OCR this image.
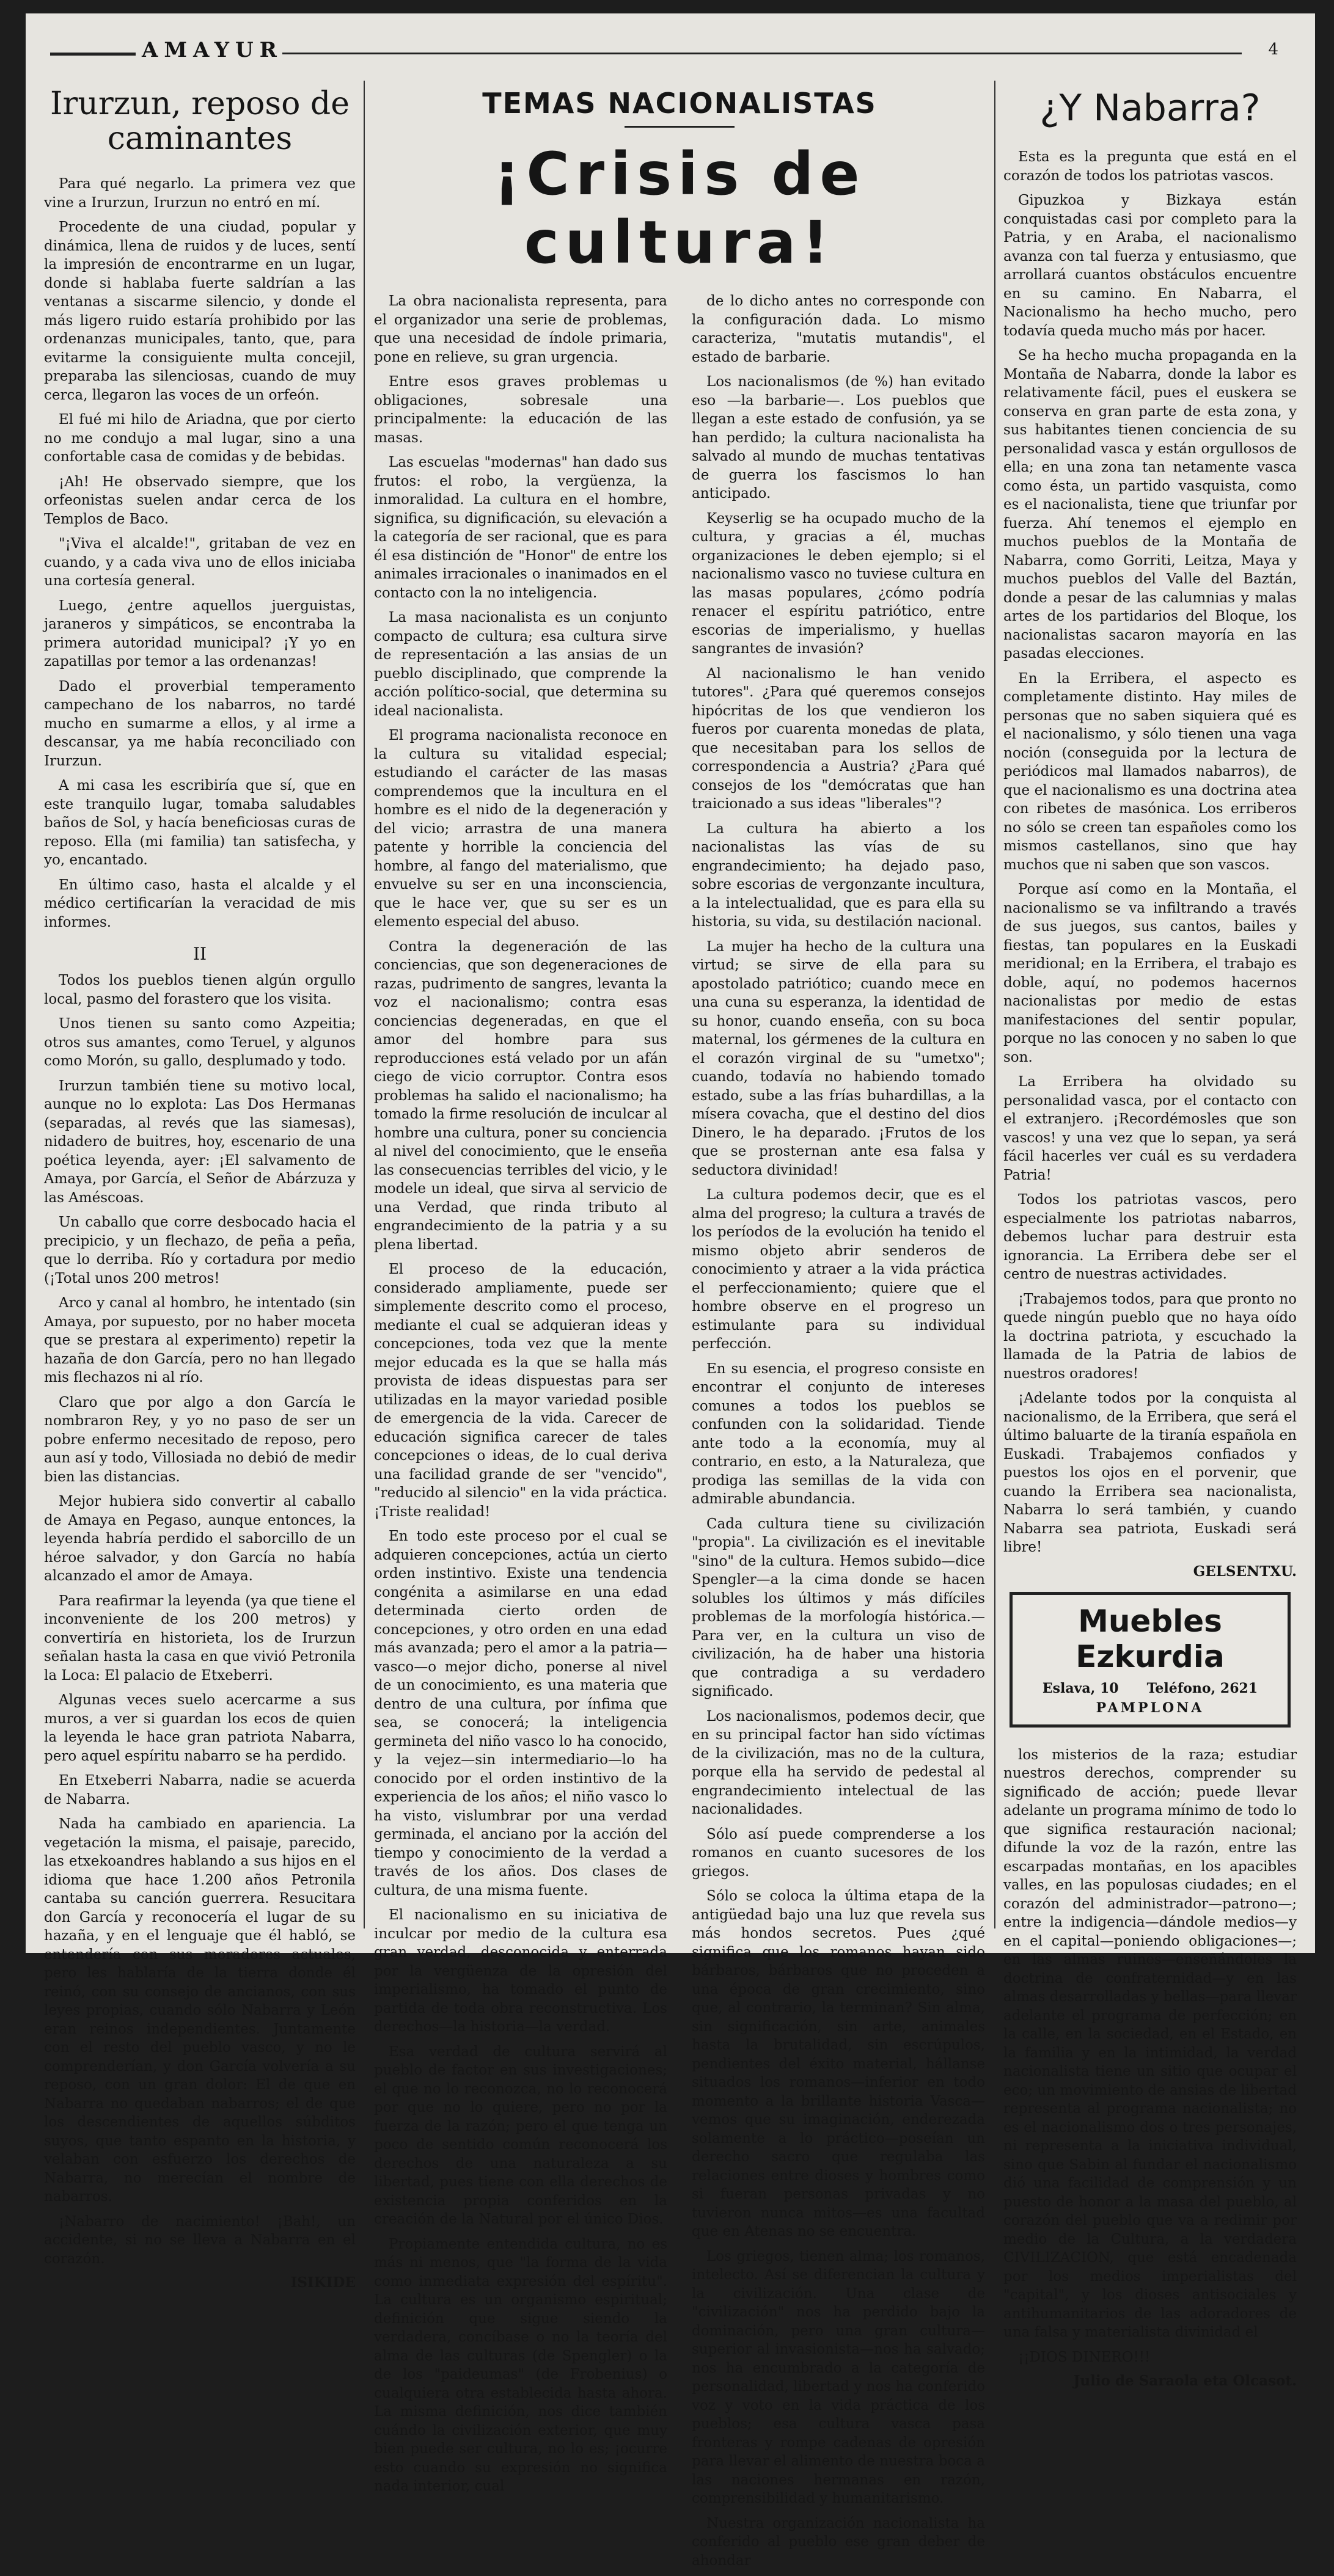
AMAYUR	4
Irurzun, reposo de caminantes

Para qué negarlo. La primera vez que vine a Irurzun, Irurzun no entró en mí.

Procedente de una ciudad, popular y dinámica, llena de ruidos y de luces, sentí la impresión de encontrarme en un lugar, donde si hablaba fuerte saldrían a las ventanas a siscarme silencio, y donde el más ligero ruido estaría prohibido por las ordenanzas municipales, tanto, que, para evitarme la consiguiente multa concejil, preparaba las silenciosas, cuando de muy cerca, llegaron las voces de un orfeón.

El fué mi hilo de Ariadna, que por cierto no me condujo a mal lugar, sino a una confortable casa de comidas y de bebidas.

¡Ah! He observado siempre, que los orfeonistas suelen andar cerca de los Templos de Baco.

"¡Viva el alcalde!", gritaban de vez en cuando, y a cada viva uno de ellos iniciaba una cortesía general.

Luego, ¿entre aquellos juerguistas, jaraneros y simpáticos, se encontraba la primera autoridad municipal? ¡Y yo en zapatillas por temor a las ordenanzas!

Dado el proverbial temperamento campechano de los nabarros, no tardé mucho en sumarme a ellos, y al irme a descansar, ya me había reconciliado con Irurzun.

A mi casa les escribiría que sí, que en este tranquilo lugar, tomaba saludables baños de Sol, y hacía beneficiosas curas de reposo. Ella (mi familia) tan satisfecha, y yo, encantado.

En último caso, hasta el alcalde y el médico certificarían la veracidad de mis informes.

II

Todos los pueblos tienen algún orgullo local, pasmo del forastero que los visita.

Unos tienen su santo como Azpeitia; otros sus amantes, como Teruel, y algunos como Morón, su gallo, desplumado y todo.

Irurzun también tiene su motivo local, aunque no lo explota: Las Dos Hermanas (separadas, al revés que las siamesas), nidadero de buitres, hoy, escenario de una poética leyenda, ayer: ¡El salvamento de Amaya, por García, el Señor de Abárzuza y las Améscoas.

Un caballo que corre desbocado hacia el precipicio, y un flechazo, de peña a peña, que lo derriba. Río y cortadura por medio (¡Total unos 200 metros!

Arco y canal al hombro, he intentado (sin Amaya, por supuesto, por no haber moceta que se prestara al experimento) repetir la hazaña de don García, pero no han llegado mis flechazos ni al río.

Claro que por algo a don García le nombraron Rey, y yo no paso de ser un pobre enfermo necesitado de reposo, pero aun así y todo, Villosiada no debió de medir bien las distancias.

Mejor hubiera sido convertir al caballo de Amaya en Pegaso, aunque entonces, la leyenda habría perdido el saborcillo de un héroe salvador, y don García no había alcanzado el amor de Amaya.

Para reafirmar la leyenda (ya que tiene el inconveniente de los 200 metros) y convertiría en historieta, los de Irurzun señalan hasta la casa en que vivió Petronila la Loca: El palacio de Etxeberri.

Algunas veces suelo acercarme a sus muros, a ver si guardan los ecos de quien la leyenda le hace gran patriota Nabarra, pero aquel espíritu nabarro se ha perdido.

En Etxeberri Nabarra, nadie se acuerda de Nabarra.

Nada ha cambiado en apariencia. La vegetación la misma, el paisaje, parecido, las etxekoandres hablando a sus hijos en el idioma que hace 1.200 años Petronila cantaba su canción guerrera. Resucitara don García y reconocería el lugar de su hazaña, y en el lenguaje que él habló, se entendería con sus moradores actuales, pero les hablaría de la tierra donde él reinó, con su consejo de ancianos, con sus leyes propias, cuando sólo Nabarra y León eran reinos independientes. Juntamente con el resto del pueblo vasco, y no le comprenderían, y don García volvería a su reposo, con un gran dolor: El de que en Nabarra no quedaban nabarros; el de que los descendientes de aquellos súbditos suyos, que tanto espanto en la historia, y velaban con esfuerzo los derechos de Nabarra, no merecían el nombre de nabarros.

¡Nabarro de nacimiento! ¡Bah!, un accidente, si no se lleva a Nabarra en el corazón.

ISIKIDE
TEMAS NACIONALISTAS
¡Crisis de cultura!

La obra nacionalista representa, para el organizador una serie de problemas, que una necesidad de índole primaria, pone en relieve, su gran urgencia.

Entre esos graves problemas u obligaciones, sobresale una principalmente: la educación de las masas.

Las escuelas "modernas" han dado sus frutos: el robo, la vergüenza, la inmoralidad. La cultura en el hombre, significa, su dignificación, su elevación a la categoría de ser racional, que es para él esa distinción de "Honor" de entre los animales irracionales o inanimados en el contacto con la no inteligencia.

La masa nacionalista es un conjunto compacto de cultura; esa cultura sirve de representación a las ansias de un pueblo disciplinado, que comprende la acción político-social, que determina su ideal nacionalista.

El programa nacionalista reconoce en la cultura su vitalidad especial; estudiando el carácter de las masas comprendemos que la incultura en el hombre es el nido de la degeneración y del vicio; arrastra de una manera patente y horrible la conciencia del hombre, al fango del materialismo, que envuelve su ser en una inconsciencia, que le hace ver, que su ser es un elemento especial del abuso.

Contra la degeneración de las conciencias, que son degeneraciones de razas, pudrimento de sangres, levanta la voz el nacionalismo; contra esas conciencias degeneradas, en que el amor del hombre para sus reproducciones está velado por un afán ciego de vicio corruptor. Contra esos problemas ha salido el nacionalismo; ha tomado la firme resolución de inculcar al hombre una cultura, poner su conciencia al nivel del conocimiento, que le enseña las consecuencias terribles del vicio, y le modele un ideal, que sirva al servicio de una Verdad, que rinda tributo al engrandecimiento de la patria y a su plena libertad.

El proceso de la educación, considerado ampliamente, puede ser simplemente descrito como el proceso, mediante el cual se adquieran ideas y concepciones, toda vez que la mente mejor educada es la que se halla más provista de ideas dispuestas para ser utilizadas en la mayor variedad posible de emergencia de la vida. Carecer de educación significa carecer de tales concepciones o ideas, de lo cual deriva una facilidad grande de ser "vencido", "reducido al silencio" en la vida práctica. ¡Triste realidad!

En todo este proceso por el cual se adquieren concepciones, actúa un cierto orden instintivo. Existe una tendencia congénita a asimilarse en una edad determinada cierto orden de concepciones, y otro orden en una edad más avanzada; pero el amor a la patria—vasco—o mejor dicho, ponerse al nivel de un conocimiento, es una materia que dentro de una cultura, por ínfima que sea, se conocerá; la inteligencia germineta del niño vasco lo ha conocido, y la vejez—sin intermediario—lo ha conocido por el orden instintivo de la experiencia de los años; el niño vasco lo ha visto, vislumbrar por una verdad germinada, el anciano por la acción del tiempo y conocimiento de la verdad a través de los años. Dos clases de cultura, de una misma fuente.

El nacionalismo en su iniciativa de inculcar por medio de la cultura esa gran verdad, desconocida y enterrada por la vergüenza de la opresión del imperialismo, ha tomado el punto de partida de toda obra reconstructiva. Los derechos—la historia—la verdad.

Esa verdad de cultura servirá al pueblo de factor en sus investigaciones; el que no lo reconozca, no lo reconocerá por que no lo quiere, pero no por la fuerza de la razón; pero el que tenga un poco de sentido común reconocerá los derechos de una naturaleza a su libertad, pues tiene con ella derechos de existencia propia conferidos en la creación de la Natural por el único Dios.

Propiamente entendida cultura, no es más ni menos, que "la forma de la vida como inmediata expresión del espíritu". La cultura es un organismo espiritual; definición que sigue siendo la verdadera, concíbase o no la teoría del alma de las culturas (de Spengler) o la de los "paideumas" (de Frobenius) o cualquiera otra establecida hasta ahora. La misma definición, nos dice también cuándo la civilización exterior, que muy bien puede ser cultura, no lo es; ¡ocurre esto cuando su expresión no significa nada interior, cual

de lo dicho antes no corresponde con la configuración dada. Lo mismo caracteriza, "mutatis mutandis", el estado de barbarie.

Los nacionalismos (de %) han evitado eso —la barbarie—. Los pueblos que llegan a este estado de confusión, ya se han perdido; la cultura nacionalista ha salvado al mundo de muchas tentativas de guerra los fascismos lo han anticipado.

Keyserlig se ha ocupado mucho de la cultura, y gracias a él, muchas organizaciones le deben ejemplo; si el nacionalismo vasco no tuviese cultura en las masas populares, ¿cómo podría renacer el espíritu patriótico, entre escorias de imperialismo, y huellas sangrantes de invasión?

Al nacionalismo le han venido tutores". ¿Para qué queremos consejos hipócritas de los que vendieron los fueros por cuarenta monedas de plata, que necesitaban para los sellos de correspondencia a Austria? ¿Para qué consejos de los "demócratas que han traicionado a sus ideas "liberales"?

La cultura ha abierto a los nacionalistas las vías de su engrandecimiento; ha dejado paso, sobre escorias de vergonzante incultura, a la intelectualidad, que es para ella su historia, su vida, su destilación nacional.

La mujer ha hecho de la cultura una virtud; se sirve de ella para su apostolado patriótico; cuando mece en una cuna su esperanza, la identidad de su honor, cuando enseña, con su boca maternal, los gérmenes de la cultura en el corazón virginal de su "umetxo"; cuando, todavía no habiendo tomado estado, sube a las frías buhardillas, a la mísera covacha, que el destino del dios Dinero, le ha deparado. ¡Frutos de los que se prosternan ante esa falsa y seductora divinidad!

La cultura podemos decir, que es el alma del progreso; la cultura a través de los períodos de la evolución ha tenido el mismo objeto abrir senderos de conocimiento y atraer a la vida práctica el perfeccionamiento; quiere que el hombre observe en el progreso un estimulante para su individual perfección.

En su esencia, el progreso consiste en encontrar el conjunto de intereses comunes a todos los pueblos se confunden con la solidaridad. Tiende ante todo a la economía, muy al contrario, en esto, a la Naturaleza, que prodiga las semillas de la vida con admirable abundancia.

Cada cultura tiene su civilización "propia". La civilización es el inevitable "sino" de la cultura. Hemos subido—dice Spengler—a la cima donde se hacen solubles los últimos y más difíciles problemas de la morfología histórica.—Para ver, en la cultura un viso de civilización, ha de haber una historia que contradiga a su verdadero significado.

Los nacionalismos, podemos decir, que en su principal factor han sido víctimas de la civilización, mas no de la cultura, porque ella ha servido de pedestal al engrandecimiento intelectual de las nacionalidades.

Sólo así puede comprenderse a los romanos en cuanto sucesores de los griegos.

Sólo se coloca la última etapa de la antigüedad bajo una luz que revela sus más hondos secretos. Pues ¿qué significa que los romanos hayan sido bárbaros, bárbaros que no proceden a una época de gran crecimiento, sino que, al contrario, la terminan? Sin alma, sin significación, sin arte, animales hasta la brutalidad, sin escrúpulos, pendientes del éxito material, hállanse situados los romanos—inferior en todo momento a la brillante historia Vasca—vemos que su imaginación, enderezada solamente a lo práctico—poseían un derecho sacro que regulaba las relaciones entre dioses y hombres como si fueran personas privadas y no tuvieron nunca mitos—es una facultad que en Atenas no se encuentra.

Los griegos, tienen alma; los romanos, intelecto. Así se diferencian la cultura y la civilización. Una clase de "civilización" nos ha perdido bajo la dominación, pero una gran cultura—superior al invasionista—nos ha salvado; nos ha encumbrado a la categoría de personalidad, libertad y nos ha conferido voz y voto en la vida práctica de los pueblos; esa cultura vasca pasa fronteras y rompe cadenas de opresión para llevar el alimento de nuestra boca a las naciones hermanas en razón, comprensibilidad y humanitarismo.

Nuestra organización nacionalista ha conferido al pueblo ese gran deber de ahondar

¿Y Nabarra?

Esta es la pregunta que está en el corazón de todos los patriotas vascos.

Gipuzkoa y Bizkaya están conquistadas casi por completo para la Patria, y en Araba, el nacionalismo avanza con tal fuerza y entusiasmo, que arrollará cuantos obstáculos encuentre en su camino. En Nabarra, el Nacionalismo ha hecho mucho, pero todavía queda mucho más por hacer.

Se ha hecho mucha propaganda en la Montaña de Nabarra, donde la labor es relativamente fácil, pues el euskera se conserva en gran parte de esta zona, y sus habitantes tienen conciencia de su personalidad vasca y están orgullosos de ella; en una zona tan netamente vasca como ésta, un partido vasquista, como es el nacionalista, tiene que triunfar por fuerza. Ahí tenemos el ejemplo en muchos pueblos de la Montaña de Nabarra, como Gorriti, Leitza, Maya y muchos pueblos del Valle del Baztán, donde a pesar de las calumnias y malas artes de los partidarios del Bloque, los nacionalistas sacaron mayoría en las pasadas elecciones.

En la Erribera, el aspecto es completamente distinto. Hay miles de personas que no saben siquiera qué es el nacionalismo, y sólo tienen una vaga noción (conseguida por la lectura de periódicos mal llamados nabarros), de que el nacionalismo es una doctrina atea con ribetes de masónica. Los erriberos no sólo se creen tan españoles como los mismos castellanos, sino que hay muchos que ni saben que son vascos.

Porque así como en la Montaña, el nacionalismo se va infiltrando a través de sus juegos, sus cantos, bailes y fiestas, tan populares en la Euskadi meridional; en la Erribera, el trabajo es doble, aquí, no podemos hacernos nacionalistas por medio de estas manifestaciones del sentir popular, porque no las conocen y no saben lo que son.

La Erribera ha olvidado su personalidad vasca, por el contacto con el extranjero. ¡Recordémosles que son vascos! y una vez que lo sepan, ya será fácil hacerles ver cuál es su verdadera Patria!

Todos los patriotas vascos, pero especialmente los patriotas nabarros, debemos luchar para destruir esta ignorancia. La Erribera debe ser el centro de nuestras actividades.

¡Trabajemos todos, para que pronto no quede ningún pueblo que no haya oído la doctrina patriota, y escuchado la llamada de la Patria de labios de nuestros oradores!

¡Adelante todos por la conquista al nacionalismo, de la Erribera, que será el último baluarte de la tiranía española en Euskadi. Trabajemos confiados y puestos los ojos en el porvenir, que cuando la Erribera sea nacionalista, Nabarra lo será también, y cuando Nabarra sea patriota, Euskadi será libre!

GELSENTXU.
Muebles Ezkurdia
Eslava, 10 Teléfono, 2621
PAMPLONA

los misterios de la raza; estudiar nuestros derechos, comprender su significado de acción; puede llevar adelante un programa mínimo de todo lo que significa restauración nacional; difunde la voz de la razón, entre las escarpadas montañas, en los apacibles valles, en las populosas ciudades; en el corazón del administrador—patrono—; entre la indigencia—dándole medios—y en el capital—poniendo obligaciones—; en las almas ruines—enseñándoles la doctrina de confraternidad—y en las almas desarrolladas y bellas—para llevar adelante el programa de perfección; en la calle, en la sociedad, en el Estado, en la familia y en la intimidad, la verdad nacionalista tiene un sitio que ocupar el eco; un movimiento de ansias de libertad representa al programa nacionalista; no es el nacionalismo dos o tres personajes, ni representa a la iniciativa individual, sino que Sabin al fundar el nacionalismo dió una facilidad de comprensión y un puesto de honor a la masa del pueblo, al corazón del pueblo que va a redimir por medio de la Cultura, a la verdadera CIVILIZACION, que está encadenada por los medios imperialistas del "capital", y los dioses antisociales y antihumanitarios de las adoradores de una falsa y materialista divinidad el

¡¡DIOS DINERO!!!

Julio de Saraola eta Olcasot.
